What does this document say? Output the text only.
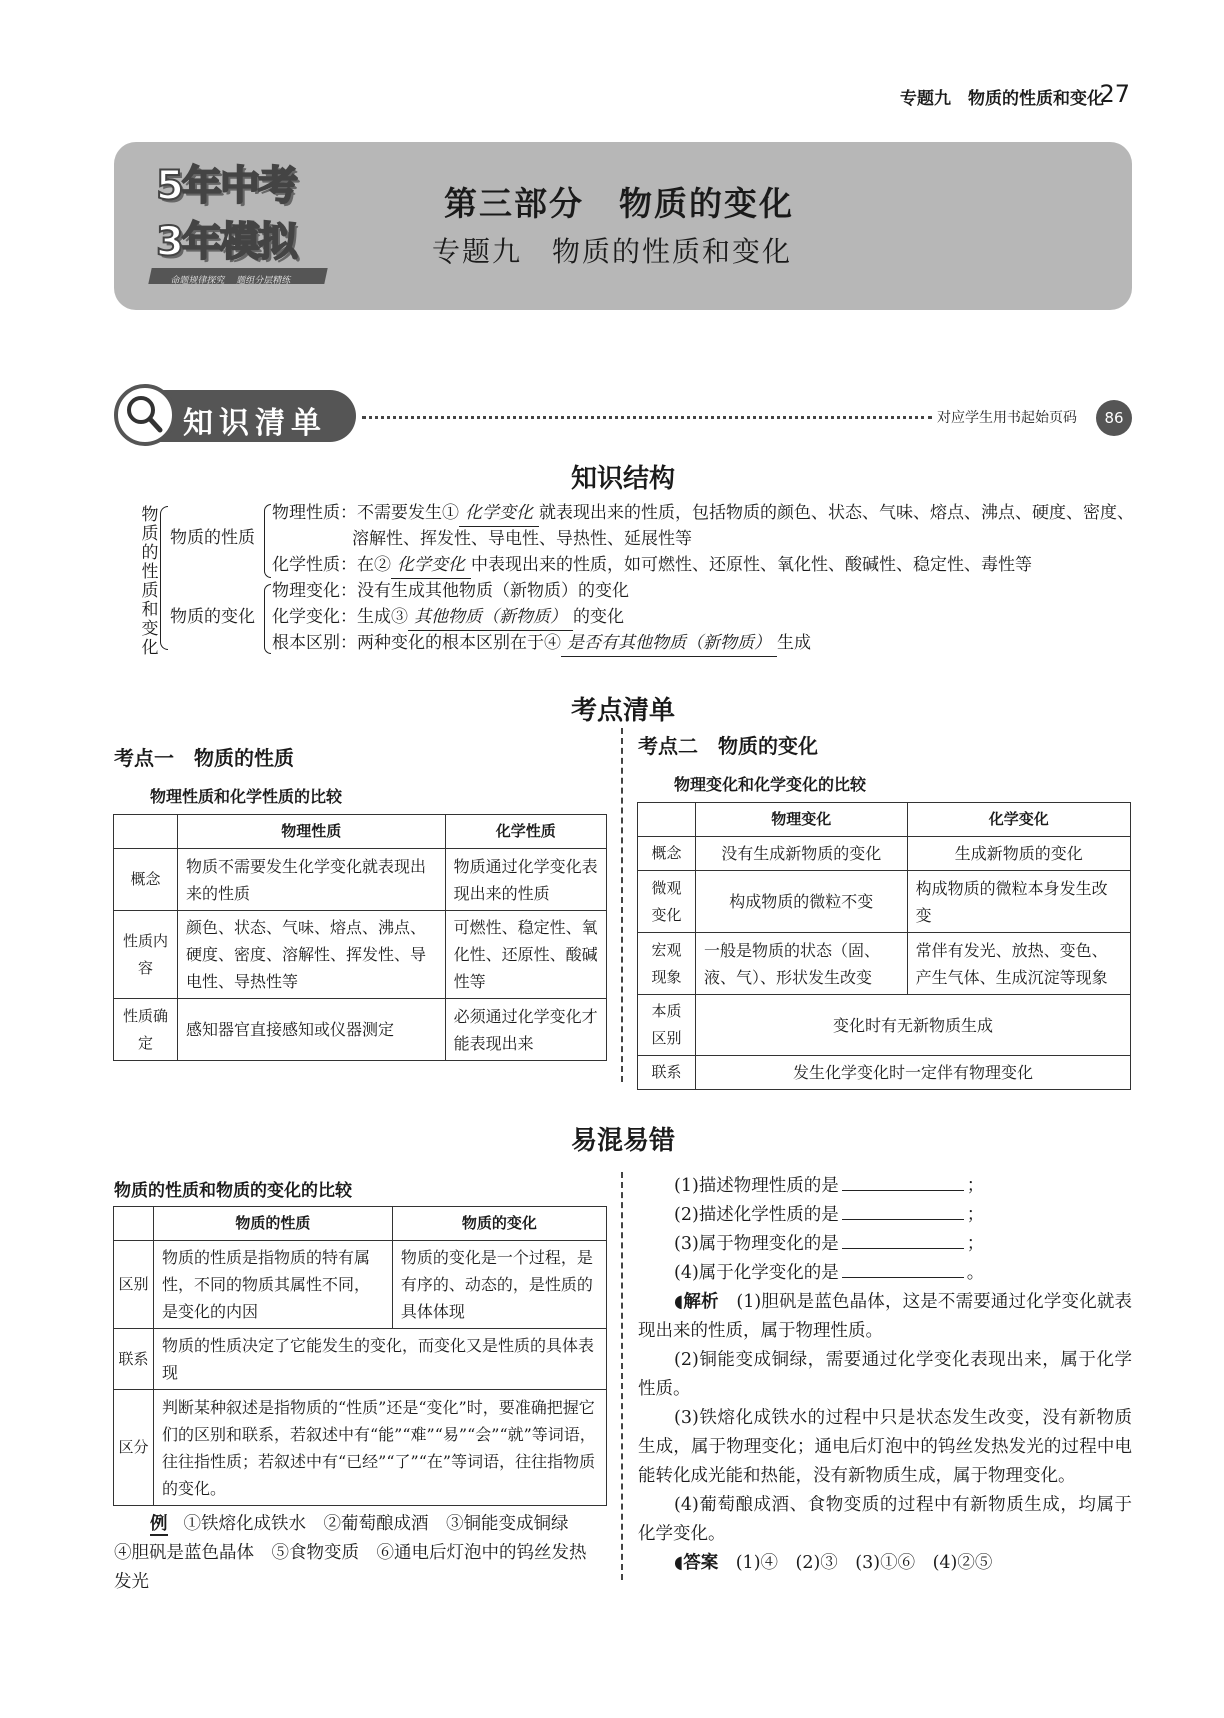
专题九　物质的性质和变化
27
5年中考
3年模拟
命题规律探究　 题组分层精练
第三部分　物质的变化
专题九　物质的性质和变化
知识清单	对应学生用书起始页码	86
知识结构
物质的性质和变化
物质的性质
物质的变化
物理性质：不需要发生① 化学变化 就表现出来的性质，包括物质的颜色、状态、气味、熔点、沸点、硬度、密度、
溶解性、挥发性、导电性、导热性、延展性等
化学性质：在② 化学变化 中表现出来的性质，如可燃性、还原性、氧化性、酸碱性、稳定性、毒性等
物理变化：没有生成其他物质（新物质）的变化
化学变化：生成③ 其他物质（新物质） 的变化
根本区别：两种变化的根本区别在于④ 是否有其他物质（新物质） 生成
考点清单
考点一　物质的性质
物理性质和化学性质的比较
	物理性质	化学性质
概念	物质不需要发生化学变化就表现出来的性质	物质通过化学变化表现出来的性质
性质内容	颜色、状态、气味、熔点、沸点、硬度、密度、溶解性、挥发性、导电性、导热性等	可燃性、稳定性、氧化性、还原性、酸碱性等
性质确定	感知器官直接感知或仪器测定	必须通过化学变化才能表现出来
考点二　物质的变化
物理变化和化学变化的比较
	物理变化	化学变化
概念	没有生成新物质的变化	生成新物质的变化
微观变化	构成物质的微粒不变	构成物质的微粒本身发生改变
宏观现象	一般是物质的状态（固、液、气）、形状发生改变	常伴有发光、放热、变色、产生气体、生成沉淀等现象
本质区别	变化时有无新物质生成	
联系	发生化学变化时一定伴有物理变化	
易混易错
物质的性质和物质的变化的比较
	物质的性质	物质的变化
区别	物质的性质是指物质的特有属性，不同的物质其属性不同，是变化的内因	物质的变化是一个过程，是有序的、动态的，是性质的具体体现
联系	物质的性质决定了它能发生的变化，而变化又是性质的具体表现	
区分	判断某种叙述是指物质的“性质”还是“变化”时，要准确把握它们的区别和联系，若叙述中有“能”“难”“易”“会”“就”等词语，往往指性质；若叙述中有“已经”“了”“在”等词语，往往指物质的变化。	
例 ①铁熔化成铁水　②葡萄酿成酒　③铜能变成铜绿
④胆矾是蓝色晶体　⑤食物变质　⑥通电后灯泡中的钨丝发热
发光
(1)描述物理性质的是	；
(2)描述化学性质的是	；
(3)属于物理变化的是	；
(4)属于化学变化的是	。
◖解析　 (1)胆矾是蓝色晶体，这是不需要通过化学变化就表现出来的性质，属于物理性质。
(2)铜能变成铜绿，需要通过化学变化表现出来，属于化学性质。
(3)铁熔化成铁水的过程中只是状态发生改变，没有新物质生成，属于物理变化；通电后灯泡中的钨丝发热发光的过程中电能转化成光能和热能，没有新物质生成，属于物理变化。
(4)葡萄酿成酒、食物变质的过程中有新物质生成，均属于化学变化。
◖答案　 (1)④　(2)③　(3)①⑥　(4)②⑤
